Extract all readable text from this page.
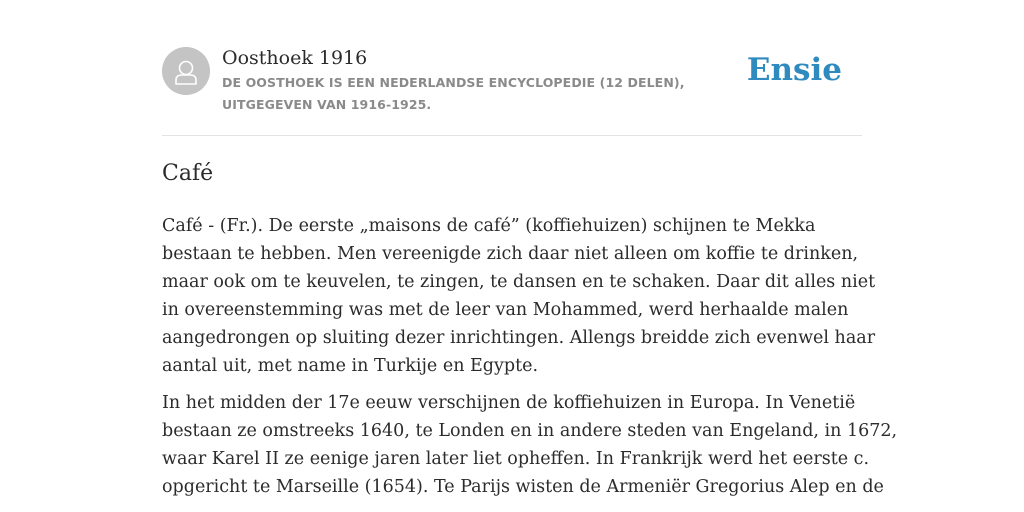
Oosthoek 1916
DE OOSTHOEK IS EEN NEDERLANDSE ENCYCLOPEDIE (12 DELEN), UITGEGEVEN VAN 1916-1925.
Ensie
Café

Café - (Fr.). De eerste „maisons de café” (koffiehuizen) schijnen te Mekka
bestaan te hebben. Men vereenigde zich daar niet alleen om koffie te drinken,
maar ook om te keuvelen, te zingen, te dansen en te schaken. Daar dit alles niet
in overeenstemming was met de leer van Mohammed, werd herhaalde malen
aangedrongen op sluiting dezer inrichtingen. Allengs breidde zich evenwel haar
aantal uit, met name in Turkije en Egypte.

In het midden der 17e eeuw verschijnen de koffiehuizen in Europa. In Venetië
bestaan ze omstreeks 1640, te Londen en in andere steden van Engeland, in 1672,
waar Karel II ze eenige jaren later liet opheffen. In Frankrijk werd het eerste c.
opgericht te Marseille (1654). Te Parijs wisten de Armeniër Gregorius Alep en de
